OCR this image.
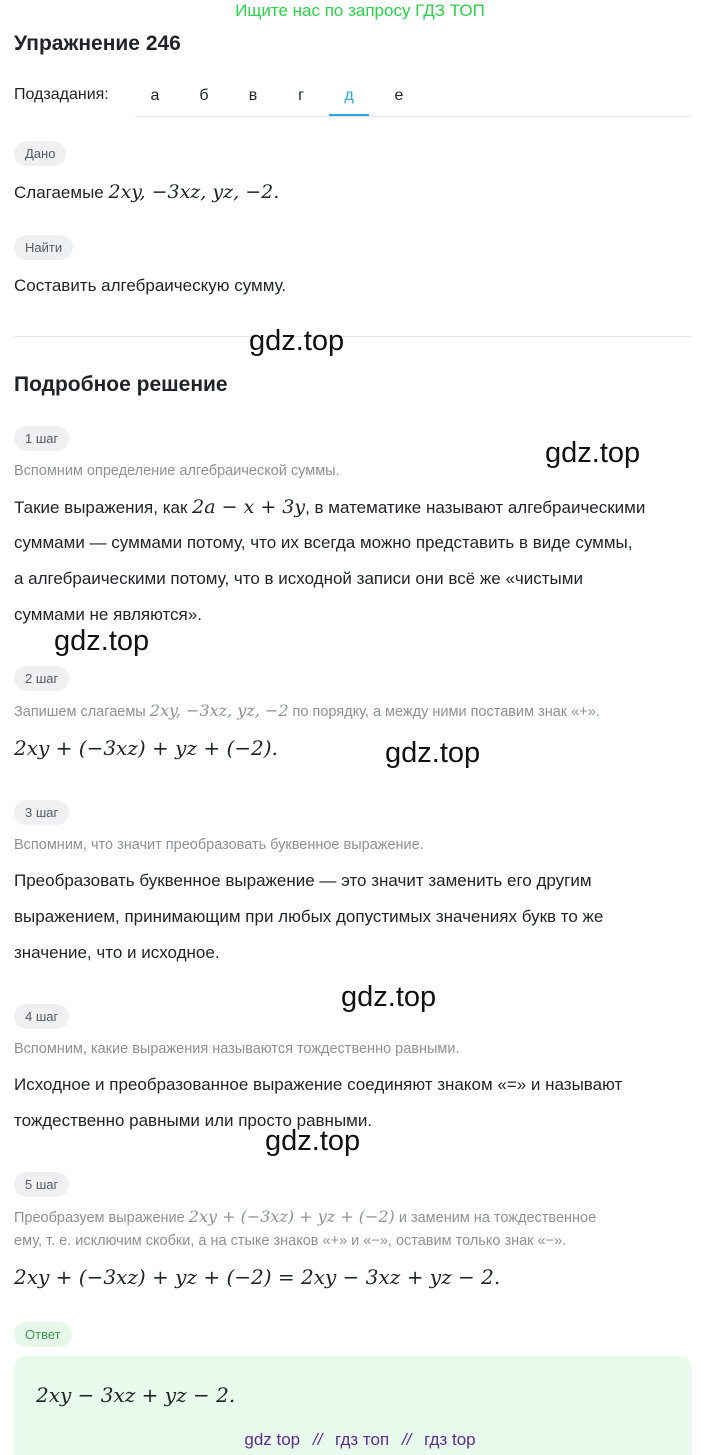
Ищите нас по запросу ГДЗ ТОП
Упражнение 246
Подзадания:	а	б	в	г	д	е
Дано
Слагаемые 2xy, −3xz, yz, −2.
Найти
Составить алгебраическую сумму.
gdz.top
Подробное решение
1 шаг	gdz.top
Вспомним определение алгебраической суммы.
Такие выражения, как 2a − x + 3y, в математике называют алгебраическими
суммами — суммами потому, что их всегда можно представить в виде суммы,
а алгебраическими потому, что в исходной записи они всё же «чистыми
суммами не являются».
gdz.top
2 шаг
Запишем слагаемы 2xy, −3xz, yz, −2 по порядку, а между ними поставим знак «+».
2xy + (−3xz) + yz + (−2).	gdz.top
3 шаг
Вспомним, что значит преобразовать буквенное выражение.
Преобразовать буквенное выражение — это значит заменить его другим
выражением, принимающим при любых допустимых значениях букв то же
значение, что и исходное.
gdz.top
4 шаг
Вспомним, какие выражения называются тождественно равными.
Исходное и преобразованное выражение соединяют знаком «=» и называют
тождественно равными или просто равными.
gdz.top
5 шаг
Преобразуем выражение 2xy + (−3xz) + yz + (−2) и заменим на тождественное
ему, т. е. исключим скобки, а на стыке знаков «+» и «−», оставим только знак «−».
2xy + (−3xz) + yz + (−2) = 2xy − 3xz + yz − 2.
Ответ
2xy − 3xz + yz − 2.
gdz top // гдз топ // гдз top
